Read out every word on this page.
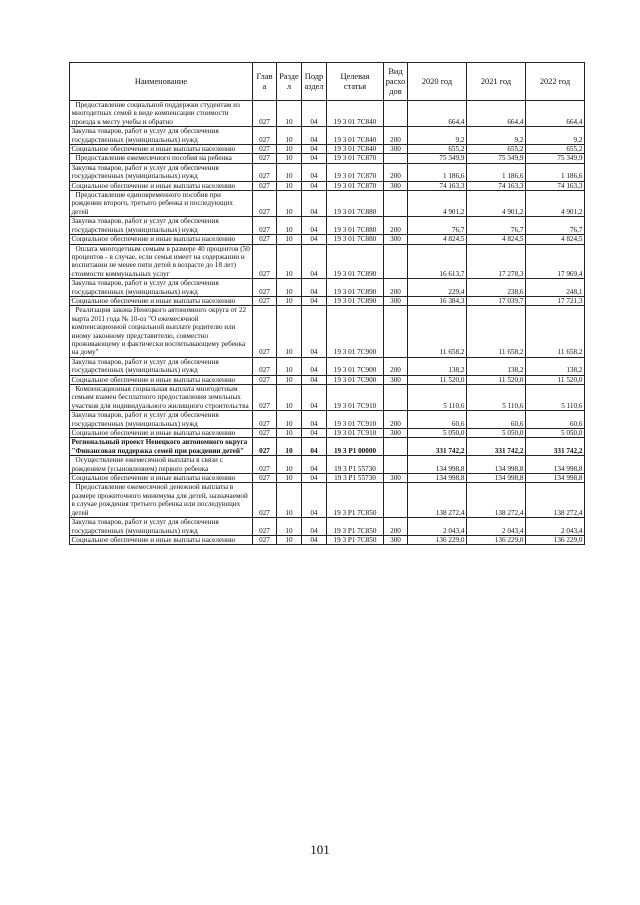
Наименование	Глав а	Разде л	Подр аздел	Целевая статья	Вид расхо дов	2020 год	2021 год	2022 год
Предоставление социальной поддержки студентам из многодетных семей в виде компенсации стоимости проезда к месту учебы и обратно	027	10	04	19 3 01 7С840		664,4	664,4	664,4
Закупка товаров, работ и услуг для обеспечения государственных (муниципальных) нужд	027	10	04	19 3 01 7С840	200	9,2	9,2	9,2
Социальное обеспечение и иные выплаты населению	027	10	04	19 3 01 7С840	300	655,2	655,2	655,2
Предоставление ежемесячного пособия на ребенка	027	10	04	19 3 01 7С870		75 349,9	75 349,9	75 349,9
Закупка товаров, работ и услуг для обеспечения государственных (муниципальных) нужд	027	10	04	19 3 01 7С870	200	1 186,6	1 186,6	1 186,6
Социальное обеспечение и иные выплаты населению	027	10	04	19 3 01 7С870	300	74 163,3	74 163,3	74 163,3
Предоставление единовременного пособия при рождении второго, третьего ребенка и последующих детей	027	10	04	19 3 01 7С880		4 901,2	4 901,2	4 901,2
Закупка товаров, работ и услуг для обеспечения государственных (муниципальных) нужд	027	10	04	19 3 01 7С880	200	76,7	76,7	76,7
Социальное обеспечение и иные выплаты населению	027	10	04	19 3 01 7С880	300	4 824,5	4 824,5	4 824,5
Оплата многодетным семьям в размере 40 процентов (50 процентов - в случае, если семья имеет на содержании и воспитании не менее пяти детей в возрасте до 18 лет) стоимости коммунальных услуг	027	10	04	19 3 01 7С890		16 613,7	17 278,3	17 969,4
Закупка товаров, работ и услуг для обеспечения государственных (муниципальных) нужд	027	10	04	19 3 01 7С890	200	229,4	238,6	248,1
Социальное обеспечение и иные выплаты населению	027	10	04	19 3 01 7С890	300	16 384,3	17 039,7	17 721,3
Реализация закона Ненецкого автономного округа от 22 марта 2011 года № 10-оз "О ежемесячной компенсационной социальной выплате родителю или иному законному представителю, совместно проживающему и фактически воспитывающему ребенка на дому"	027	10	04	19 3 01 7С900		11 658,2	11 658,2	11 658,2
Закупка товаров, работ и услуг для обеспечения государственных (муниципальных) нужд	027	10	04	19 3 01 7С900	200	138,2	138,2	138,2
Социальное обеспечение и иные выплаты населению	027	10	04	19 3 01 7С900	300	11 520,0	11 520,0	11 520,0
Компенсационная социальная выплата многодетным семьям взамен бесплатного предоставления земельных участков для индивидуального жилищного строительства	027	10	04	19 3 01 7С910		5 110,6	5 110,6	5 110,6
Закупка товаров, работ и услуг для обеспечения государственных (муниципальных) нужд	027	10	04	19 3 01 7С910	200	60,6	60,6	60,6
Социальное обеспечение и иные выплаты населению	027	10	04	19 3 01 7С910	300	5 050,0	5 050,0	5 050,0
Региональный проект Ненецкого автономного округа "Финансовая поддержка семей при рождении детей"	027	10	04	19 3 Р1 00000		331 742,2	331 742,2	331 742,2
Осуществление ежемесячной выплаты в связи с рождением (усыновлением) первого ребенка	027	10	04	19 3 Р1 55730		134 998,8	134 998,8	134 998,8
Социальное обеспечение и иные выплаты населению	027	10	04	19 3 Р1 55730	300	134 998,8	134 998,8	134 998,8
Предоставление ежемесячной денежной выплаты в размере прожиточного минимума для детей, назначаемой в случае рождения третьего ребенка или последующих детей	027	10	04	19 3 Р1 7С850		138 272,4	138 272,4	138 272,4
Закупка товаров, работ и услуг для обеспечения государственных (муниципальных) нужд	027	10	04	19 3 Р1 7С850	200	2 043,4	2 043,4	2 043,4
Социальное обеспечение и иные выплаты населению	027	10	04	19 3 Р1 7С850	300	136 229,0	136 229,0	136 229,0
101
